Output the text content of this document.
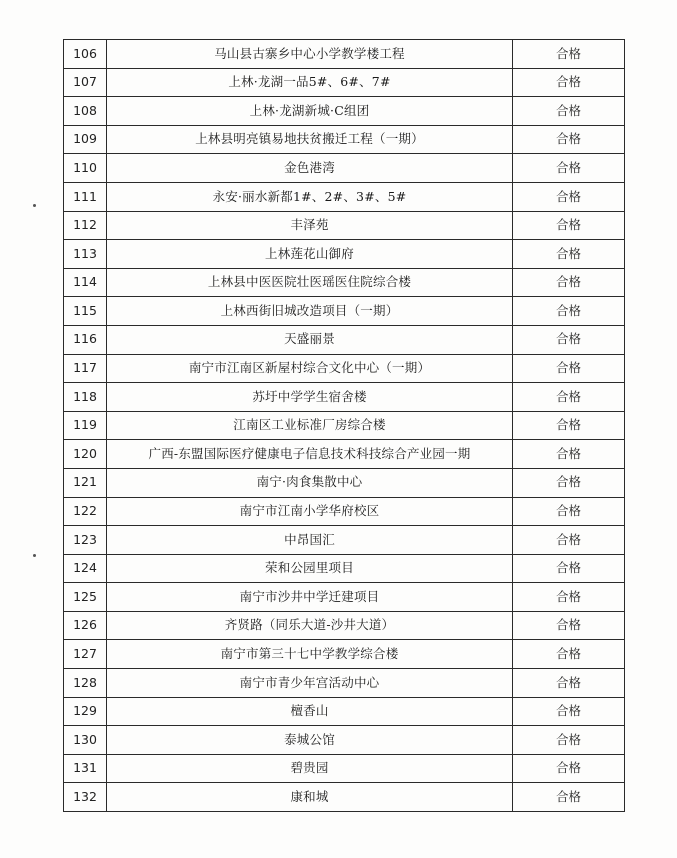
106	马山县古寨乡中心小学教学楼工程	合格
107	上林·龙湖一品5#、6#、7#	合格
108	上林·龙湖新城·C组团	合格
109	上林县明亮镇易地扶贫搬迁工程（一期）	合格
110	金色港湾	合格
111	永安·丽水新都1#、2#、3#、5#	合格
112	丰泽苑	合格
113	上林莲花山御府	合格
114	上林县中医医院壮医瑶医住院综合楼	合格
115	上林西街旧城改造项目（一期）	合格
116	天盛丽景	合格
117	南宁市江南区新屋村综合文化中心（一期）	合格
118	苏圩中学学生宿舍楼	合格
119	江南区工业标准厂房综合楼	合格
120	广西-东盟国际医疗健康电子信息技术科技综合产业园一期	合格
121	南宁·肉食集散中心	合格
122	南宁市江南小学华府校区	合格
123	中昂国汇	合格
124	荣和公园里项目	合格
125	南宁市沙井中学迁建项目	合格
126	齐贤路（同乐大道-沙井大道）	合格
127	南宁市第三十七中学教学综合楼	合格
128	南宁市青少年宫活动中心	合格
129	檀香山	合格
130	泰城公馆	合格
131	碧贵园	合格
132	康和城	合格
